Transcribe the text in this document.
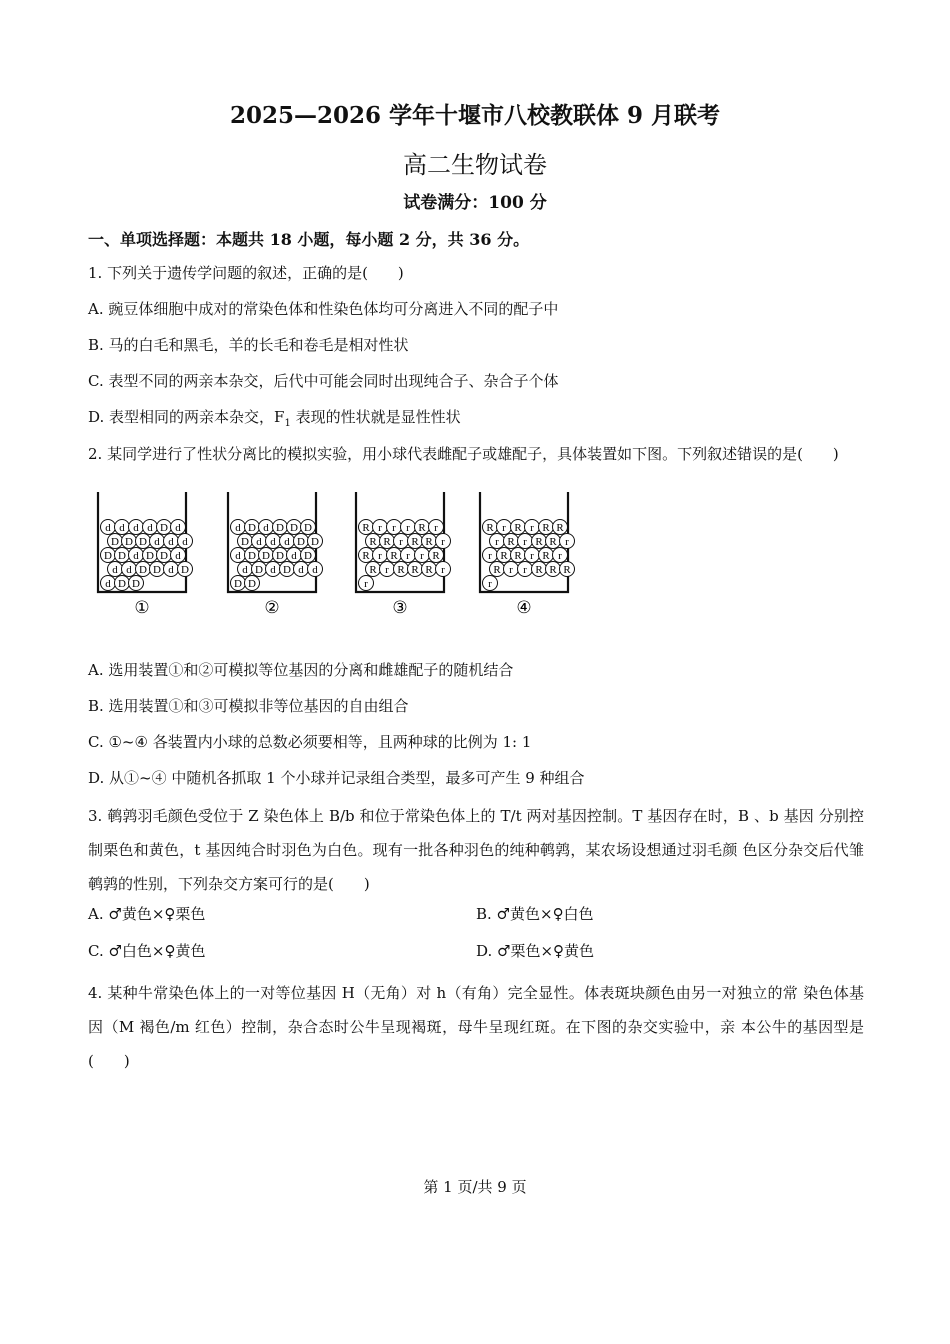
2025—2026 学年十堰市八校教联体 9 月联考
高二生物试卷
试卷满分：100 分
一、单项选择题：本题共 18 小题，每小题 2 分，共 36 分。
1. 下列关于遗传学问题的叙述，正确的是(　　)
A. 豌豆体细胞中成对的常染色体和性染色体均可分离进入不同的配子中
B. 马的白毛和黑毛，羊的长毛和卷毛是相对性状
C. 表型不同的两亲本杂交，后代中可能会同时出现纯合子、杂合子个体
D. 表型相同的两亲本杂交，$F_1$ 表现的性状就是显性性状
2. 某同学进行了性状分离比的模拟实验，用小球代表雌配子或雄配子，具体装置如下图。下列叙述错误的是(　　)
d d d d D d
D D D d d d
D D d D D d
d d D D d D
d D D
①
d D d D D D
D d d d D D
d D D D d D
d D d D d d
D D
②
R r r r R r
R R r R R r
R r R r r R
R r R R R r
r
③
R r R r R R
r R r R R r
r R R r R r
R r r R R R
r
④
A. 选用装置①和②可模拟等位基因的分离和雌雄配子的随机结合
B. 选用装置①和③可模拟非等位基因的自由组合
C. ①~④ 各装置内小球的总数必须要相等，且两种球的比例为 1: 1
D. 从①~④ 中随机各抓取 1 个小球并记录组合类型，最多可产生 9 种组合
3. 鹌鹑羽毛颜色受位于 Z 染色体上 B/b 和位于常染色体上的 T/t 两对基因控制。T 基因存在时，B 、b 基因 分别控制栗色和黄色，t 基因纯合时羽色为白色。现有一批各种羽色的纯种鹌鹑，某农场设想通过羽毛颜 色区分杂交后代雏鹌鹑的性别，下列杂交方案可行的是(　　)
A. ♂黄色×♀栗色	B. ♂黄色×♀白色
C. ♂白色×♀黄色	D. ♂栗色×♀黄色
4. 某种牛常染色体上的一对等位基因 H（无角）对 h（有角）完全显性。体表斑块颜色由另一对独立的常 染色体基因（M 褐色/m 红色）控制，杂合态时公牛呈现褐斑，母牛呈现红斑。在下图的杂交实验中，亲 本公牛的基因型是(　　)
第 1 页/共 9 页
